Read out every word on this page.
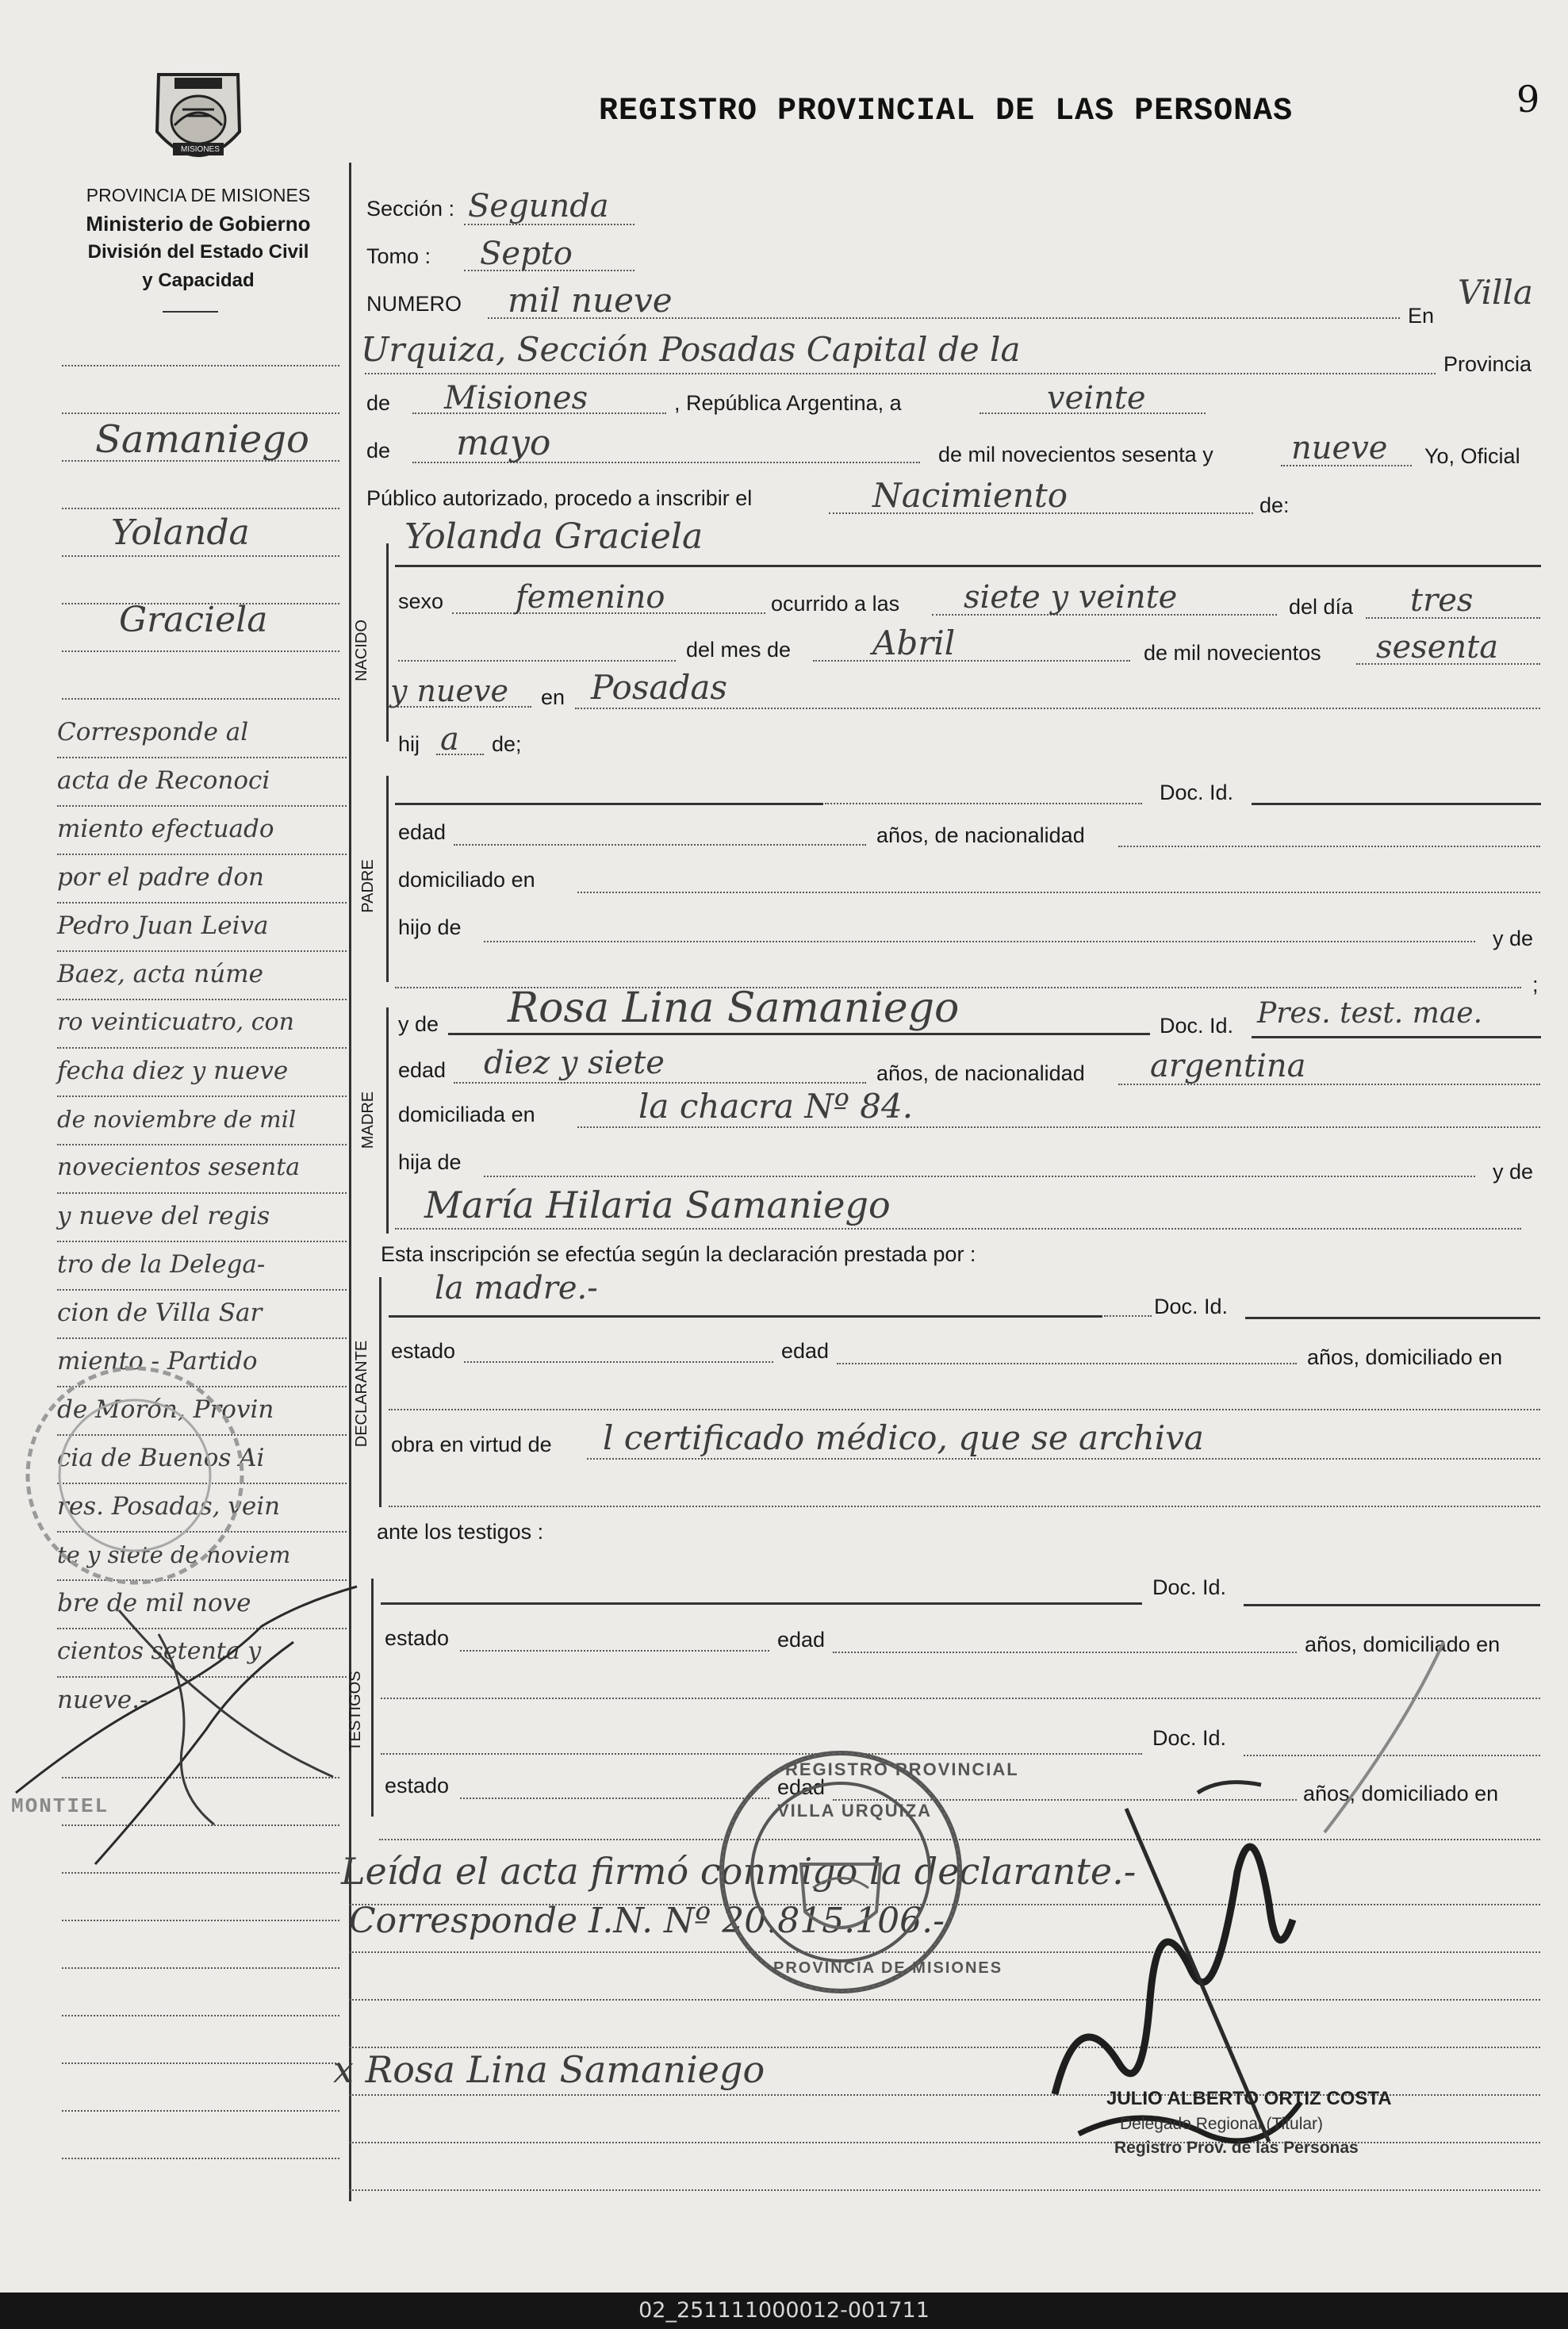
PROVINCIA DE
MISIONES
PROVINCIA DE MISIONES
Ministerio de Gobierno
División del Estado Civil
y Capacidad
REGISTRO PROVINCIAL DE LAS PERSONAS	9
NACIDO
PADRE
MADRE
DECLARANTE
TESTIGOS
Samaniego
Yolanda
Graciela
Corresponde al
acta de Reconoci
miento efectuado
por el padre don
Pedro Juan Leiva
Baez, acta núme
ro veinticuatro, con
fecha diez y nueve
de noviembre de mil
novecientos sesenta
y nueve del regis
tro de la Delega-
cion de Villa Sar
miento - Partido
de Morón, Provin
cia de Buenos Ai
res. Posadas, vein
te y siete de noviem
bre de mil nove
cientos setenta y
nueve.-
MONTIEL
Sección : Segunda
Tomo : Septo
NUMERO mil nueve	En
Villa
Urquiza, Sección Posadas Capital de la	Provincia
de Misiones	, República Argentina, a	veinte
de mayo	de mil novecientos sesenta y nueve Yo, Oficial
Público autorizado, procedo a inscribir el	Nacimiento	de:
Yolanda Graciela
sexo femenino	ocurrido a las siete y veinte	del día tres
del mes de Abril	de mil novecientos sesenta
y nueve en Posadas
hij a de;
Doc. Id.
edad	años, de nacionalidad
domiciliado en
hijo de	y de
;
y de Rosa Lina Samaniego	Doc. Id. Pres. test. mae.
edad diez y siete	años, de nacionalidad argentina
domiciliada en	la chacra Nº 84.
hija de	y de
María Hilaria Samaniego
Esta inscripción se efectúa según la declaración prestada por :
la madre.-	Doc. Id.
estado	edad	años, domiciliado en
obra en virtud de l certificado médico, que se archiva
ante los testigos :
Doc. Id.
estado	edad	años, domiciliado en
Doc. Id.
estado	edad	años, domiciliado en
Leída el acta firmó conmigo la declarante.-
Corresponde I.N. Nº 20.815.106.-
x Rosa Lina Samaniego
REGISTRO PROVINCIAL
VILLA URQUIZA
PROVINCIA DE MISIONES
JULIO ALBERTO ORTIZ COSTA
Delegado Regional (Titular)
Registro Prov. de las Personas
02_251111000012-001711
